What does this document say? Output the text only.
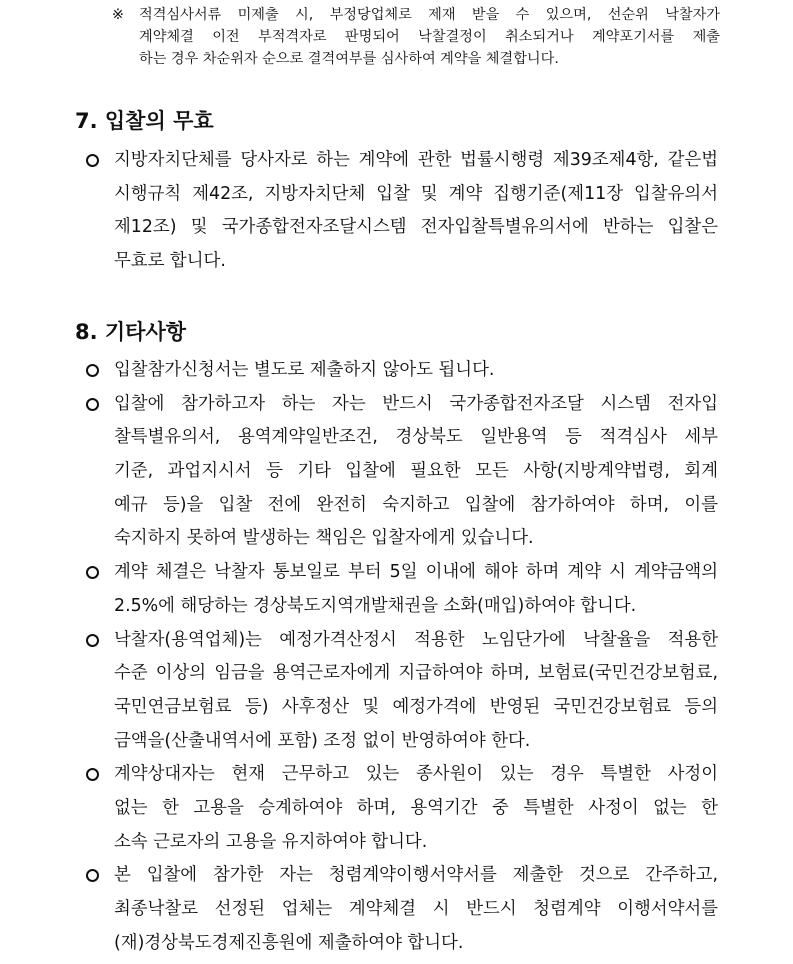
※ 적격심사서류 미제출 시, 부정당업체로 제재 받을 수 있으며, 선순위 낙찰자가
계약체결 이전 부적격자로 판명되어 낙찰결정이 취소되거나 계약포기서를 제출
하는 경우 차순위자 순으로 결격여부를 심사하여 계약을 체결합니다.
7. 입찰의 무효
지방자치단체를 당사자로 하는 계약에 관한 법률시행령 제39조제4항, 같은법
시행규칙 제42조, 지방자치단체 입찰 및 계약 집행기준(제11장 입찰유의서
제12조) 및 국가종합전자조달시스템 전자입찰특별유의서에 반하는 입찰은
무효로 합니다.
8. 기타사항
입찰참가신청서는 별도로 제출하지 않아도 됩니다.
입찰에 참가하고자 하는 자는 반드시 국가종합전자조달 시스템 전자입
찰특별유의서, 용역계약일반조건, 경상북도 일반용역 등 적격심사 세부
기준, 과업지시서 등 기타 입찰에 필요한 모든 사항(지방계약법령, 회계
예규 등)을 입찰 전에 완전히 숙지하고 입찰에 참가하여야 하며, 이를
숙지하지 못하여 발생하는 책임은 입찰자에게 있습니다.
계약 체결은 낙찰자 통보일로 부터 5일 이내에 해야 하며 계약 시 계약금액의
2.5%에 해당하는 경상북도지역개발채권을 소화(매입)하여야 합니다.
낙찰자(용역업체)는 예정가격산정시 적용한 노임단가에 낙찰율을 적용한
수준 이상의 임금을 용역근로자에게 지급하여야 하며, 보험료(국민건강보험료,
국민연금보험료 등) 사후정산 및 예정가격에 반영된 국민건강보험료 등의
금액을(산출내역서에 포함) 조정 없이 반영하여야 한다.
계약상대자는 현재 근무하고 있는 종사원이 있는 경우 특별한 사정이
없는 한 고용을 승계하여야 하며, 용역기간 중 특별한 사정이 없는 한
소속 근로자의 고용을 유지하여야 합니다.
본 입찰에 참가한 자는 청렴계약이행서약서를 제출한 것으로 간주하고,
최종낙찰로 선정된 업체는 계약체결 시 반드시 청렴계약 이행서약서를
(재)경상북도경제진흥원에 제출하여야 합니다.
